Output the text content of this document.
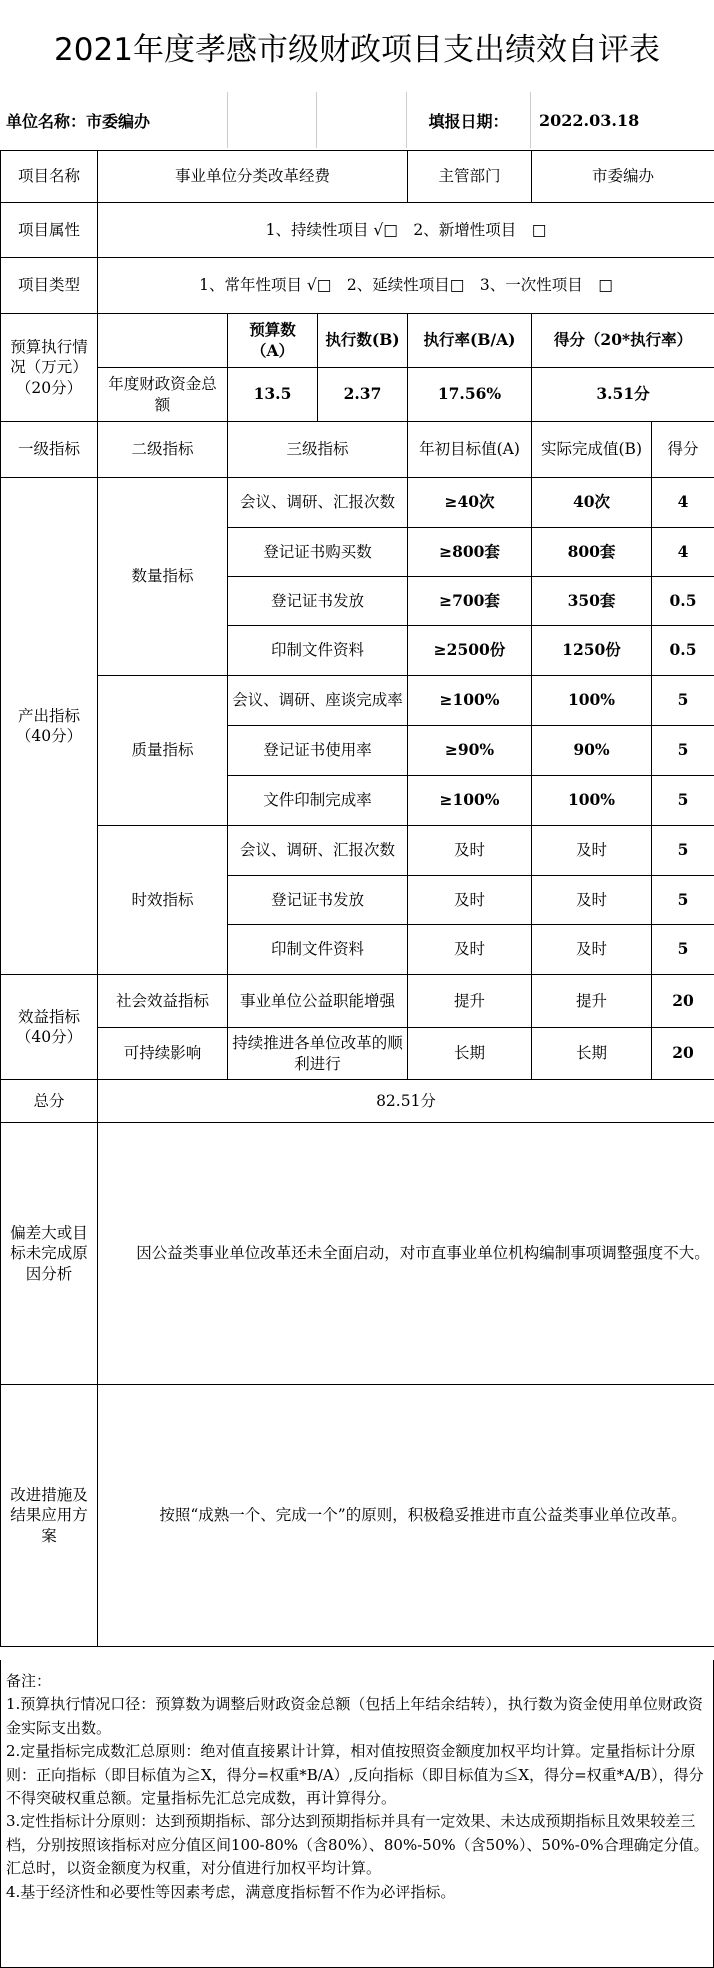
2021年度孝感市级财政项目支出绩效自评表
单位名称：市委编办	填报日期：	2022.03.18
项目名称	事业单位分类改革经费			主管部门	市委编办	
项目属性	1、持续性项目 √□　2、新增性项目　□					
项目类型	1、常年性项目 √□　2、延续性项目□　3、一次性项目　□					
预算执行情况（万元）（20分）		预算数（A）	执行数(B)	执行率(B/A)	得分（20*执行率）	
	年度财政资金总额	13.5	2.37	17.56%	3.51分	
一级指标	二级指标	三级指标		年初目标值(A)	实际完成值(B)	得分
产出指标（40分）	数量指标	会议、调研、汇报次数		≥40次	40次	4
		登记证书购买数		≥800套	800套	4
		登记证书发放		≥700套	350套	0.5
		印制文件资料		≥2500份	1250份	0.5
	质量指标	会议、调研、座谈完成率		≥100%	100%	5
		登记证书使用率		≥90%	90%	5
		文件印制完成率		≥100%	100%	5
	时效指标	会议、调研、汇报次数		及时	及时	5
		登记证书发放		及时	及时	5
		印制文件资料		及时	及时	5
效益指标（40分）	社会效益指标	事业单位公益职能增强		提升	提升	20
	可持续影响	持续推进各单位改革的顺利进行		长期	长期	20
总分	82.51分					
偏差大或目标未完成原因分析	因公益类事业单位改革还未全面启动，对市直事业单位机构编制事项调整强度不大。					
改进措施及结果应用方案	按照“成熟一个、完成一个”的原则，积极稳妥推进市直公益类事业单位改革。					
备注：
1.预算执行情况口径：预算数为调整后财政资金总额（包括上年结余结转），执行数为资金使用单位财政资金实际支出数。
2.定量指标完成数汇总原则：绝对值直接累计计算，相对值按照资金额度加权平均计算。定量指标计分原则：正向指标（即目标值为≧X，得分=权重*B/A）,反向指标（即目标值为≦X，得分=权重*A/B），得分不得突破权重总额。定量指标先汇总完成数，再计算得分。
3.定性指标计分原则：达到预期指标、部分达到预期指标并具有一定效果、未达成预期指标且效果较差三档，分别按照该指标对应分值区间100-80%（含80%）、80%-50%（含50%）、50%-0%合理确定分值。汇总时，以资金额度为权重，对分值进行加权平均计算。
4.基于经济性和必要性等因素考虑，满意度指标暂不作为必评指标。
